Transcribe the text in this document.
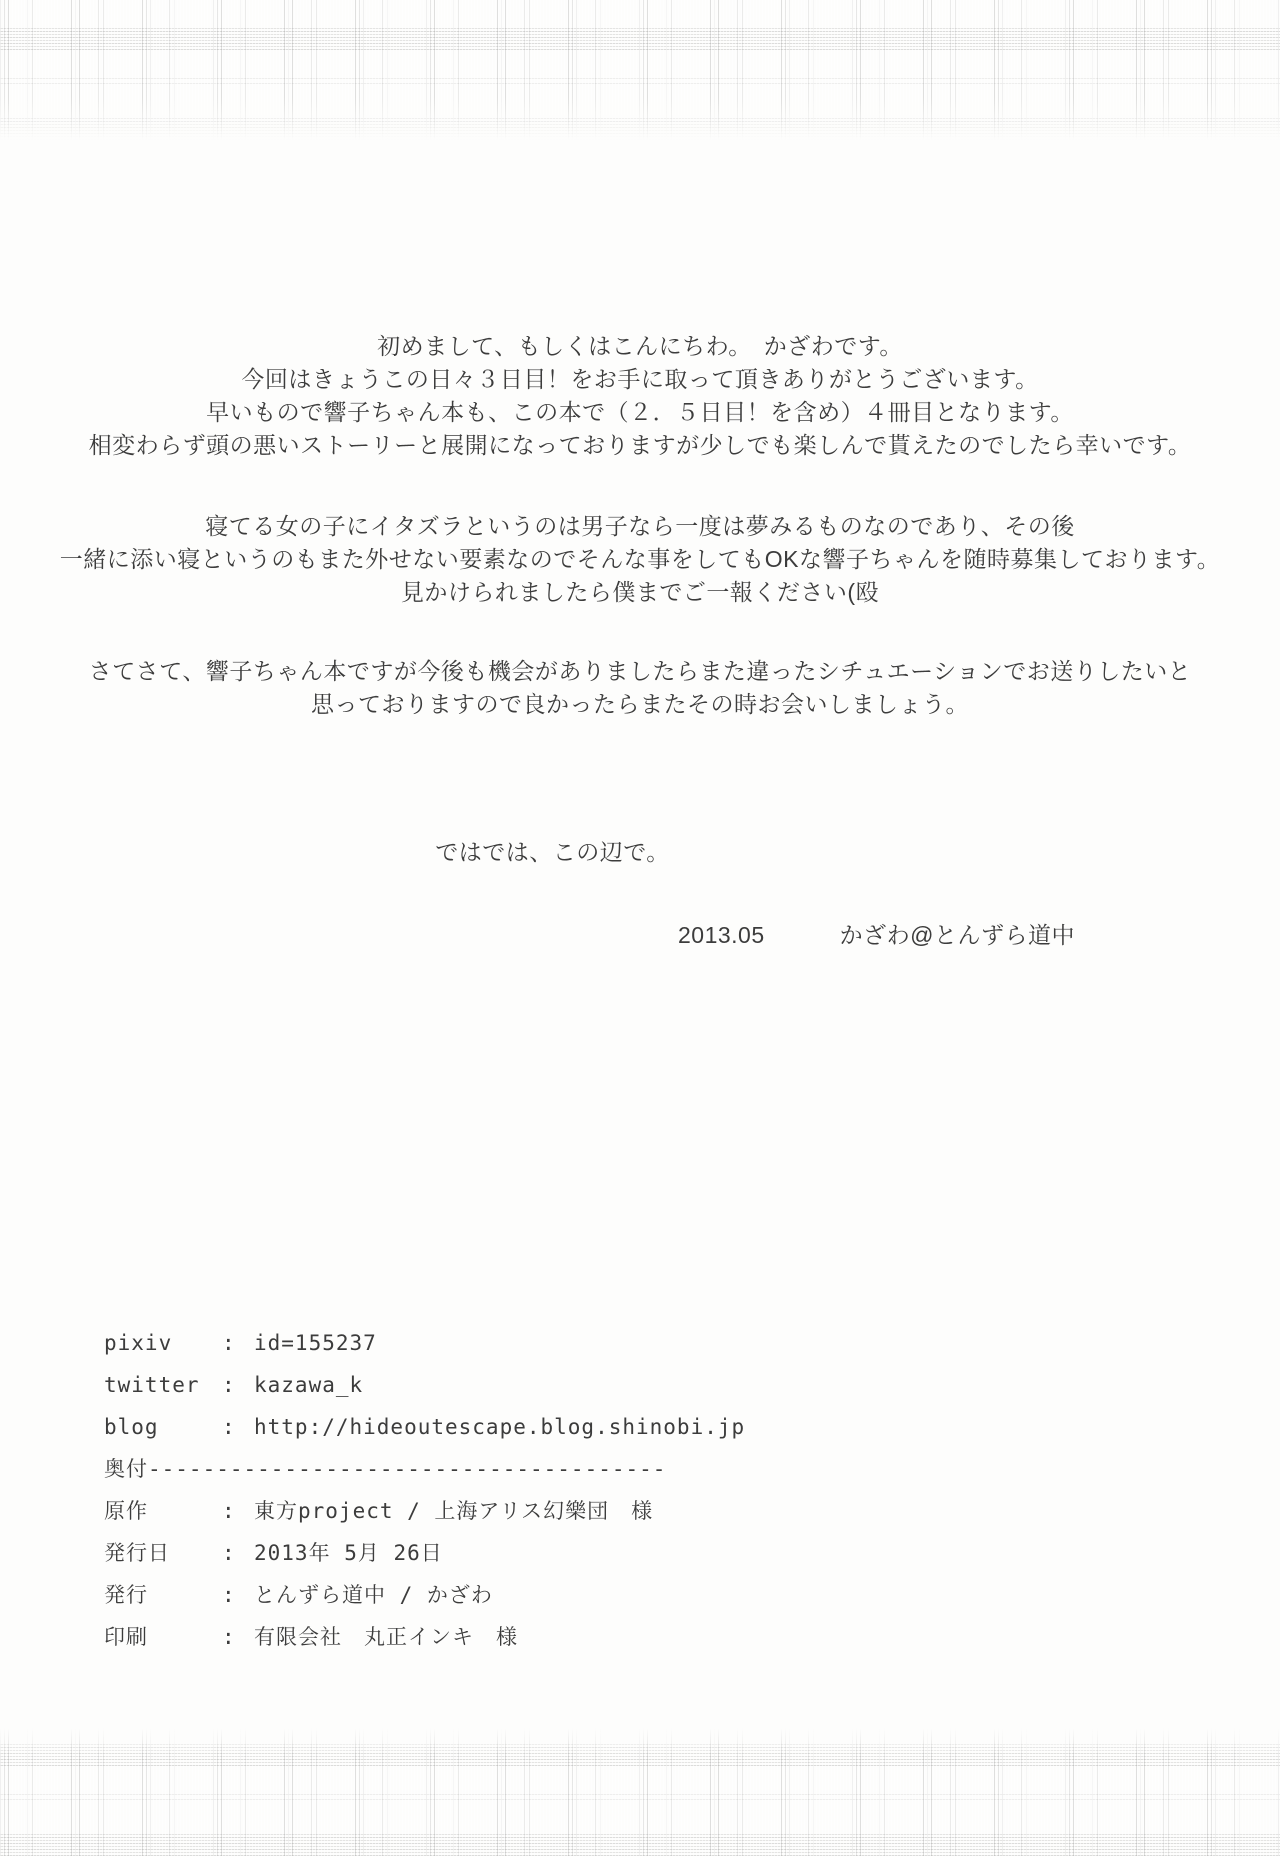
初めまして、もしくはこんにちわ。　かざわです。
今回はきょうこの日々３日目！をお手に取って頂きありがとうございます。
早いもので響子ちゃん本も、この本で（２．５日目！を含め）４冊目となります。
相変わらず頭の悪いストーリーと展開になっておりますが少しでも楽しんで貰えたのでしたら幸いです。
寝てる女の子にイタズラというのは男子なら一度は夢みるものなのであり、その後
一緒に添い寝というのもまた外せない要素なのでそんな事をしてもOKな響子ちゃんを随時募集しております。
見かけられましたら僕までご一報ください(殴
さてさて、響子ちゃん本ですが今後も機会がありましたらまた違ったシチュエーションでお送りしたいと
思っておりますので良かったらまたその時お会いしましょう。
ではでは、この辺で。
2013.05	かざわ@とんずら道中
pixiv	: id=155237
twitter	: kazawa_k
blog	: http://hideoutescape.blog.shinobi.jp
奥付--------------------------------------
原作	: 東方project / 上海アリス幻樂団　様
発行日	: 2013年 5月 26日
発行	: とんずら道中 / かざわ
印刷	: 有限会社　丸正インキ　様
